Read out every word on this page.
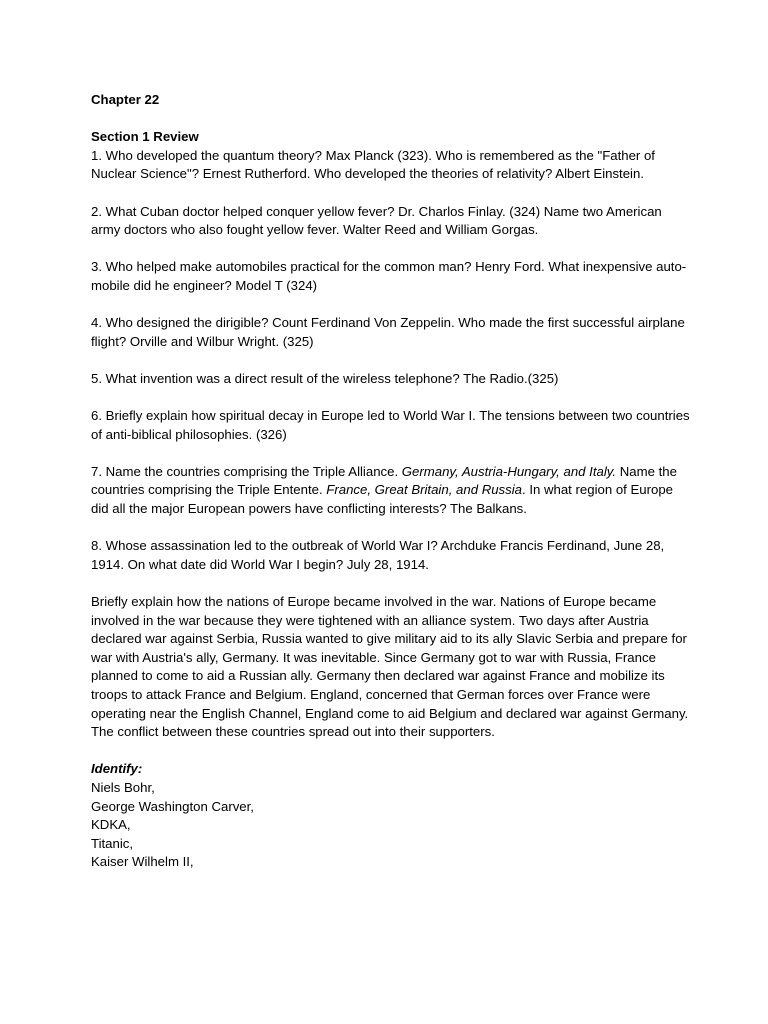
Chapter 22
Section 1 Review

1. Who developed the quantum theory? Max Planck (323). Who is remembered as the "Father of Nuclear Science"? Ernest Rutherford. Who developed the theories of relativity? Albert Einstein.

2. What Cuban doctor helped conquer yellow fever? Dr. Charlos Finlay. (324) Name two American army doctors who also fought yellow fever. Walter Reed and William Gorgas.

3. Who helped make automobiles practical for the common man? Henry Ford. What inexpensive auto-mobile did he engineer? Model T (324)

4. Who designed the dirigible? Count Ferdinand Von Zeppelin. Who made the first successful airplane flight? Orville and Wilbur Wright. (325)

5. What invention was a direct result of the wireless telephone? The Radio.(325)

6. Briefly explain how spiritual decay in Europe led to World War I. The tensions between two countries of anti-biblical philosophies. (326)

7. Name the countries comprising the Triple Alliance. Germany, Austria-Hungary, and Italy. Name the countries comprising the Triple Entente. France, Great Britain, and Russia. In what region of Europe did all the major European powers have conflicting interests? The Balkans.

8. Whose assassination led to the outbreak of World War I? Archduke Francis Ferdinand, June 28, 1914. On what date did World War I begin? July 28, 1914.

Briefly explain how the nations of Europe became involved in the war. Nations of Europe became involved in the war because they were tightened with an alliance system. Two days after Austria declared war against Serbia, Russia wanted to give military aid to its ally Slavic Serbia and prepare for war with Austria's ally, Germany. It was inevitable. Since Germany got to war with Russia, France planned to come to aid a Russian ally. Germany then declared war against France and mobilize its troops to attack France and Belgium. England, concerned that German forces over France were operating near the English Channel, England come to aid Belgium and declared war against Germany. The conflict between these countries spread out into their supporters.

Identify:
Niels Bohr,
George Washington Carver,
KDKA,
Titanic,
Kaiser Wilhelm II,
